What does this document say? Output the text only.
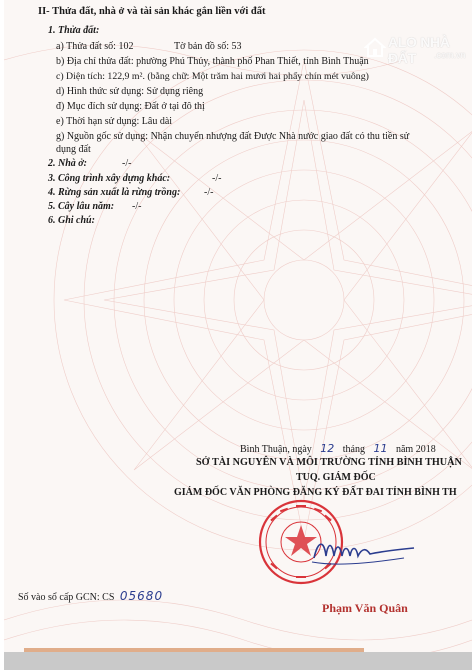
ALO NHÀ ĐẤT	.com.vn
II- Thửa đất, nhà ở và tài sản khác gắn liền với đất
1. Thửa đất:
a) Thửa đất số: 102	Tờ bản đồ số: 53
b) Địa chỉ thửa đất: phường Phú Thủy, thành phố Phan Thiết, tỉnh Bình Thuận
c) Diện tích: 122,9 m². (bằng chữ: Một trăm hai mươi hai phẩy chín mét vuông)
d) Hình thức sử dụng: Sử dụng riêng
đ) Mục đích sử dụng: Đất ở tại đô thị
e) Thời hạn sử dụng: Lâu dài
g) Nguồn gốc sử dụng: Nhận chuyển nhượng đất Được Nhà nước giao đất có thu tiền sử
dụng đất
2. Nhà ở:	-/-
3. Công trình xây dựng khác:	-/-
4. Rừng sản xuất là rừng trồng: -/-
5. Cây lâu năm: -/-
6. Ghi chú:
Bình Thuận, ngày 12 tháng 11 năm 2018
SỞ TÀI NGUYÊN VÀ MÔI TRƯỜNG TỈNH BÌNH THUẬN
TUQ. GIÁM ĐỐC
GIÁM ĐỐC VĂN PHÒNG ĐĂNG KÝ ĐẤT ĐAI TỈNH BÌNH TH
Số vào sổ cấp GCN: CS 05680
Phạm Văn Quân
